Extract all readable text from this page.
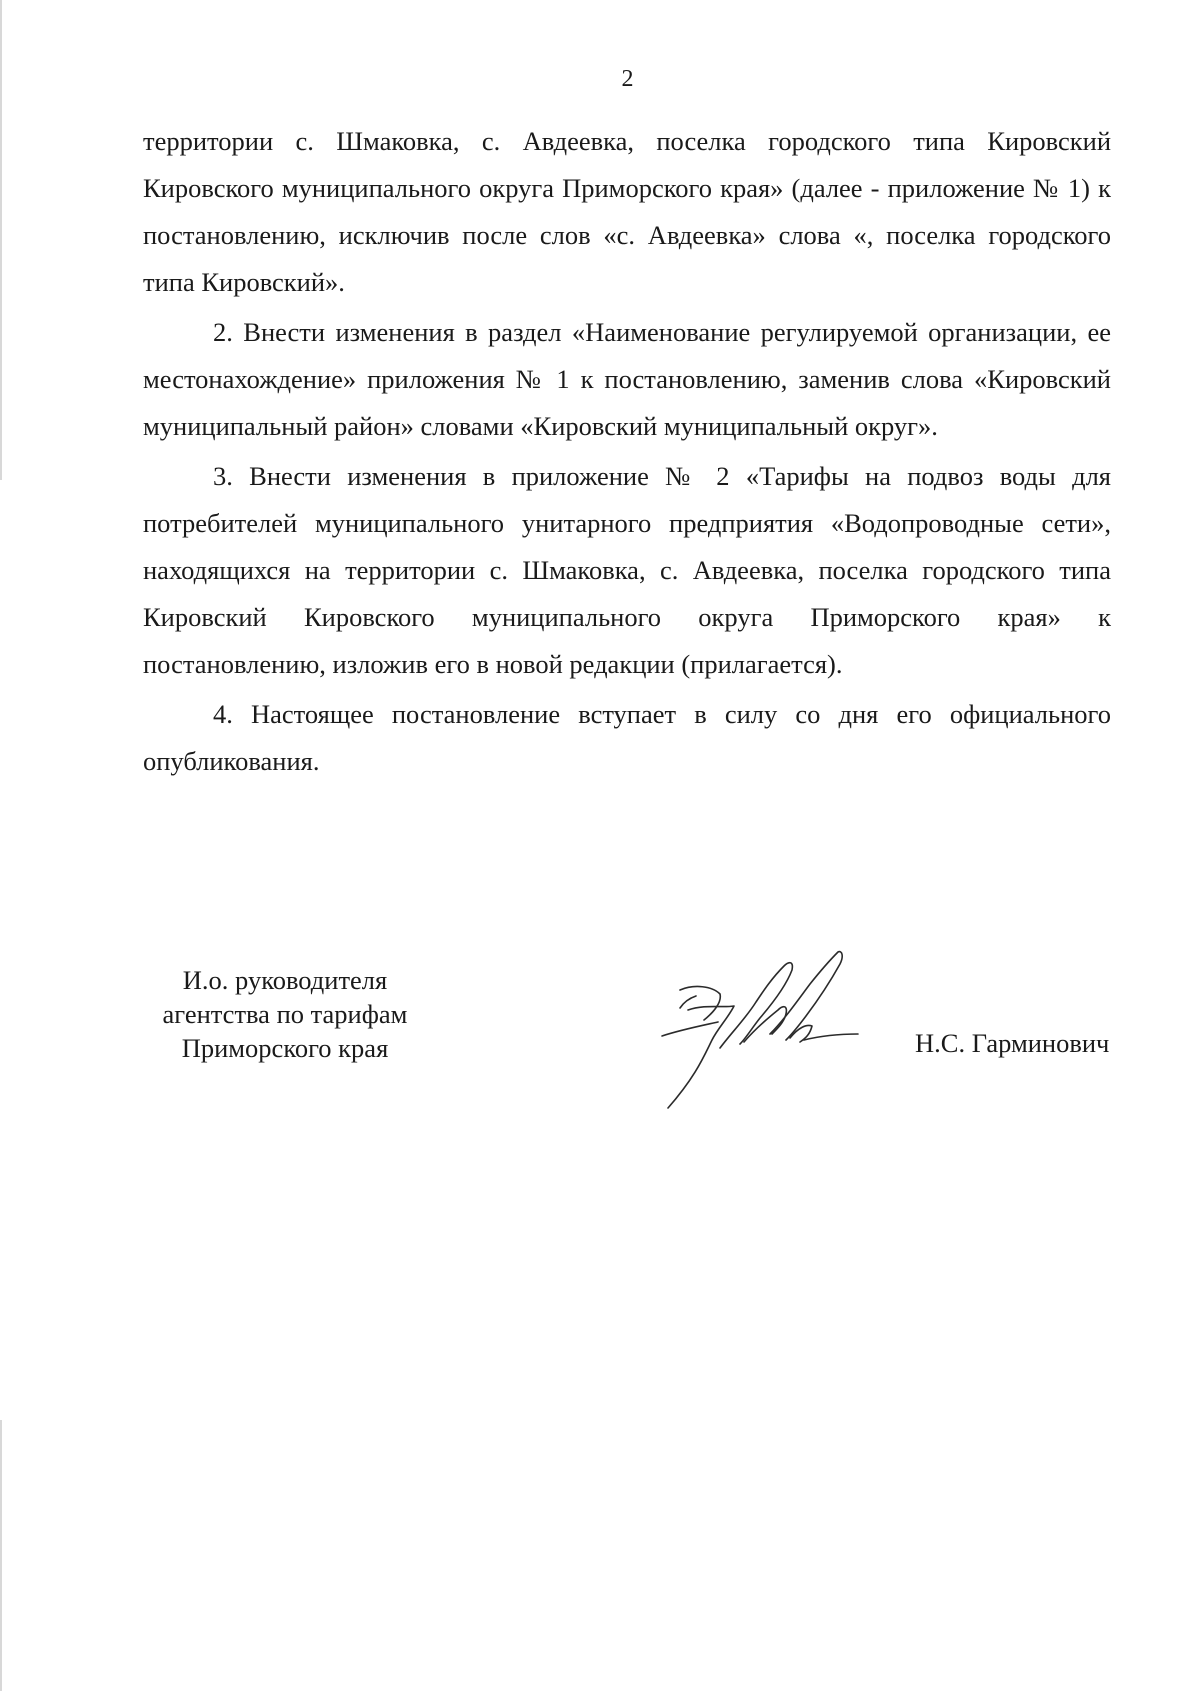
2

территории с. Шмаковка, с. Авдеевка, поселка городского типа Кировский Кировского муниципального округа Приморского края» (далее - приложение № 1) к постановлению, исключив после слов «с. Авдеевка» слова «, поселка городского типа Кировский».

2. Внести изменения в раздел «Наименование регулируемой организации, ее местонахождение» приложения № 1 к постановлению, заменив слова «Кировский муниципальный район» словами «Кировский муниципальный округ».

3. Внести изменения в приложение № 2 «Тарифы на подвоз воды для потребителей муниципального унитарного предприятия «Водопроводные сети», находящихся на территории с. Шмаковка, с. Авдеевка, поселка городского типа Кировский Кировского муниципального округа Приморского края» к постановлению, изложив его в новой редакции (прилагается).

4. Настоящее постановление вступает в силу со дня его официального опубликования.

И.о. руководителя
агентства по тарифам
Приморского края	Н.С. Гарминович
